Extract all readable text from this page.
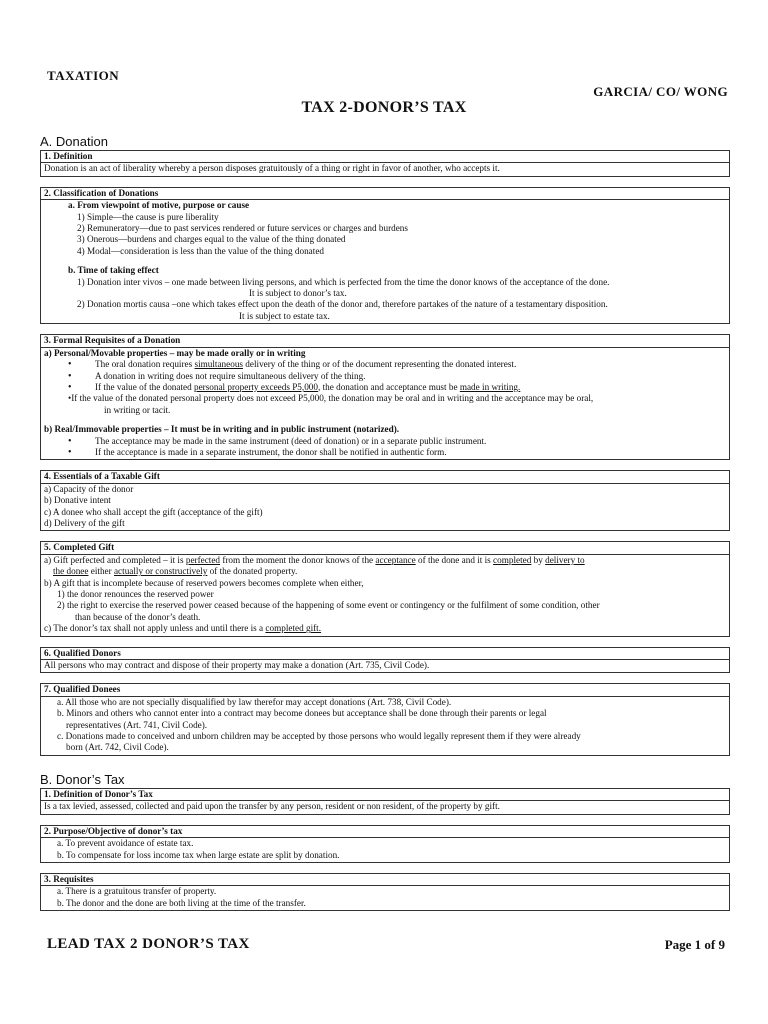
TAXATION
GARCIA/ CO/ WONG
TAX 2-DONOR’S TAX
A. Donation
1. Definition
Donation is an act of liberality whereby a person disposes gratuitously of a thing or right in favor of another, who accepts it.
2. Classification of Donations
a. From viewpoint of motive, purpose or cause
1) Simple—the cause is pure liberality
2) Remuneratory—due to past services rendered or future services or charges and burdens
3) Onerous—burdens and charges equal to the value of the thing donated
4) Modal—consideration is less than the value of the thing donated
b. Time of taking effect
1) Donation inter vivos – one made between living persons, and which is perfected from the time the donor knows of the acceptance of the done.
It is subject to donor’s tax.
2) Donation mortis causa –one which takes effect upon the death of the donor and, therefore partakes of the nature of a testamentary disposition.
It is subject to estate tax.
3. Formal Requisites of a Donation
a) Personal/Movable properties – may be made orally or in writing
• The oral donation requires simultaneous delivery of the thing or of the document representing the donated interest.
• A donation in writing does not require simultaneous delivery of the thing.
• If the value of the donated personal property exceeds P5,000, the donation and acceptance must be made in writing.
•If the value of the donated personal property does not exceed P5,000, the donation may be oral and in writing and the acceptance may be oral,
in writing or tacit.
b) Real/Immovable properties – It must be in writing and in public instrument (notarized).
• The acceptance may be made in the same instrument (deed of donation) or in a separate public instrument.
• If the acceptance is made in a separate instrument, the donor shall be notified in authentic form.
4. Essentials of a Taxable Gift
a) Capacity of the donor
b) Donative intent
c) A donee who shall accept the gift (acceptance of the gift)
d) Delivery of the gift
5. Completed Gift
a) Gift perfected and completed – it is perfected from the moment the donor knows of the acceptance of the done and it is completed by delivery to
the donee either actually or constructively of the donated property.
b) A gift that is incomplete because of reserved powers becomes complete when either,
1) the donor renounces the reserved power
2) the right to exercise the reserved power ceased because of the happening of some event or contingency or the fulfilment of some condition, other
than because of the donor’s death.
c) The donor’s tax shall not apply unless and until there is a completed gift.
6. Qualified Donors
All persons who may contract and dispose of their property may make a donation (Art. 735, Civil Code).
7. Qualified Donees
a. All those who are not specially disqualified by law therefor may accept donations (Art. 738, Civil Code).
b. Minors and others who cannot enter into a contract may become donees but acceptance shall be done through their parents or legal
representatives (Art. 741, Civil Code).
c. Donations made to conceived and unborn children may be accepted by those persons who would legally represent them if they were already
born (Art. 742, Civil Code).
B. Donor’s Tax
1. Definition of Donor’s Tax
Is a tax levied, assessed, collected and paid upon the transfer by any person, resident or non resident, of the property by gift.
2. Purpose/Objective of donor’s tax
a. To prevent avoidance of estate tax.
b. To compensate for loss income tax when large estate are split by donation.
3. Requisites
a. There is a gratuitous transfer of property.
b. The donor and the done are both living at the time of the transfer.
LEAD TAX 2 DONOR’S TAX	Page 1 of 9
